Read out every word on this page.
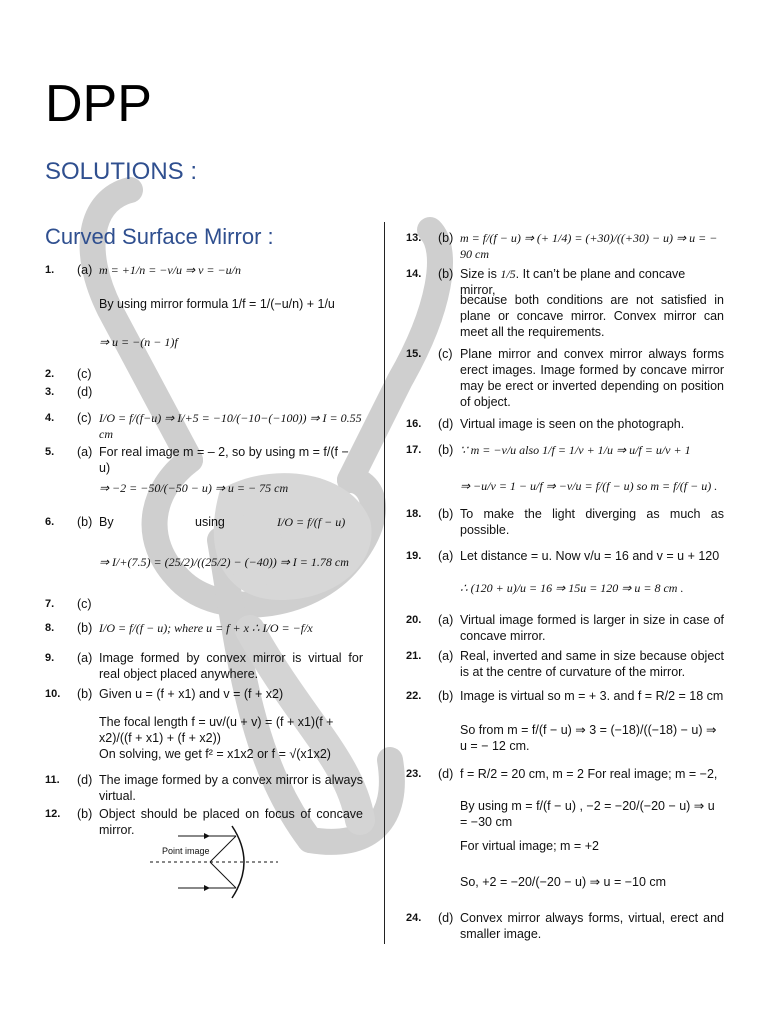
DPP
SOLUTIONS :
Curved Surface Mirror :
1. (a) m = +1/n = −v/u ⇒ v = −u/n
By using mirror formula 1/f = 1/(−u/n) + 1/u
⇒ u = −(n − 1)f
2. (c)
3. (d)
4. (c) I/O = f/(f−u) ⇒ I/+5 = −10/(−10−(−100)) ⇒ I = 0.55 cm
5. (a) For real image m = – 2, so by using m = f/(f − u)
⇒ −2 = −50/(−50 − u) ⇒ u = − 75 cm
6. (b) By	using	I/O = f/(f − u)
⇒ I/+(7.5) = (25/2)/((25/2) − (−40)) ⇒ I = 1.78 cm
7. (c)
8. (b) I/O = f/(f − u); where u = f + x ∴ I/O = −f/x
9. (a) Image formed by convex mirror is virtual for real object placed anywhere.
10. (b) Given u = (f + x1) and v = (f + x2)
The focal length f = uv/(u + v) = (f + x1)(f + x2)/((f + x1) + (f + x2))
On solving, we get f² = x1x2 or f = √(x1x2)
11. (d) The image formed by a convex mirror is always virtual.
12. (b) Object should be placed on focus of concave mirror.
Point image
13. (b) m = f/(f − u) ⇒ (+ 1/4) = (+30)/((+30) − u) ⇒ u = − 90 cm
14. (b) Size is 1/5. It can’t be plane and concave mirror,
because both conditions are not satisfied in plane or concave mirror. Convex mirror can meet all the requirements.
15. (c) Plane mirror and convex mirror always forms erect images. Image formed by concave mirror may be erect or inverted depending on position of object.
16. (d) Virtual image is seen on the photograph.
17. (b) ∵ m = −v/u also 1/f = 1/v + 1/u ⇒ u/f = u/v + 1
⇒ −u/v = 1 − u/f ⇒ −v/u = f/(f − u) so m = f/(f − u) .
18. (b) To make the light diverging as much as possible.
19. (a) Let distance = u. Now v/u = 16 and v = u + 120
∴ (120 + u)/u = 16 ⇒ 15u = 120 ⇒ u = 8 cm .
20. (a) Virtual image formed is larger in size in case of concave mirror.
21. (a) Real, inverted and same in size because object is at the centre of curvature of the mirror.
22. (b) Image is virtual so m = + 3. and f = R/2 = 18 cm
So from m = f/(f − u) ⇒ 3 = (−18)/((−18) − u) ⇒ u = − 12 cm.
23. (d) f = R/2 = 20 cm, m = 2 For real image; m = −2,
By using m = f/(f − u) , −2 = −20/(−20 − u) ⇒ u = −30 cm
For virtual image; m = +2
So, +2 = −20/(−20 − u) ⇒ u = −10 cm
24. (d) Convex mirror always forms, virtual, erect and smaller image.
